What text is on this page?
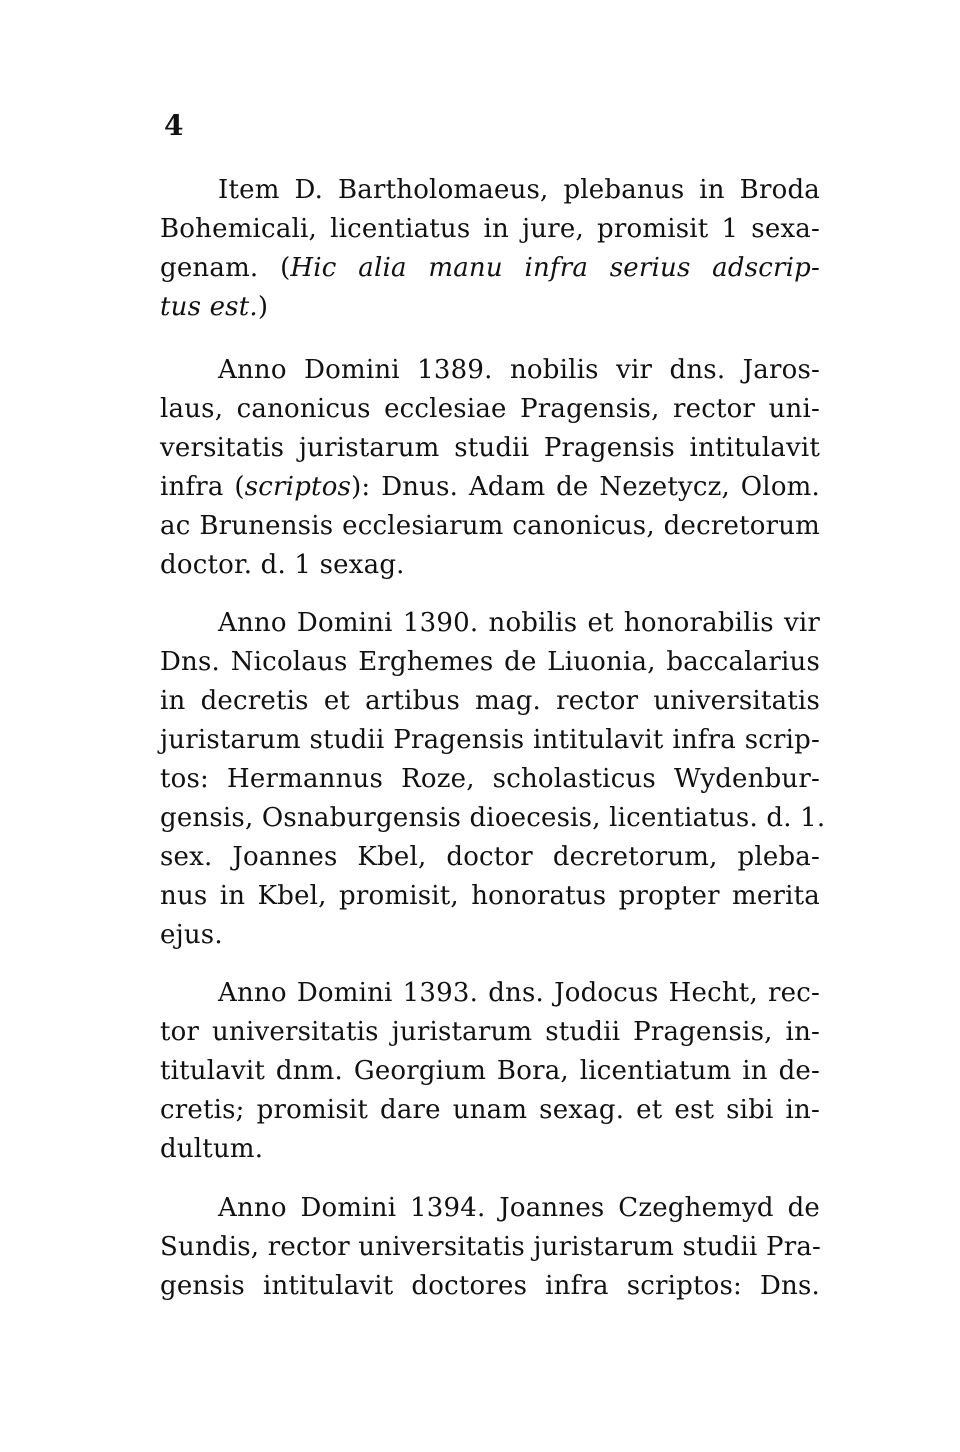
4
Item D. Bartholomaeus, plebanus in Broda
Bohemicali, licentiatus in jure, promisit 1 sexa-
genam. (Hic alia manu infra serius adscrip-
tus est.)
Anno Domini 1389. nobilis vir dns. Jaros-
laus, canonicus ecclesiae Pragensis, rector uni-
versitatis juristarum studii Pragensis intitulavit
infra (scriptos): Dnus. Adam de Nezetycz, Olom.
ac Brunensis ecclesiarum canonicus, decretorum
doctor. d. 1 sexag.
Anno Domini 1390. nobilis et honorabilis vir
Dns. Nicolaus Erghemes de Liuonia, baccalarius
in decretis et artibus mag. rector universitatis
juristarum studii Pragensis intitulavit infra scrip-
tos: Hermannus Roze, scholasticus Wydenbur-
gensis, Osnaburgensis dioecesis, licentiatus. d. 1.
sex. Joannes Kbel, doctor decretorum, pleba-
nus in Kbel, promisit, honoratus propter merita
ejus.
Anno Domini 1393. dns. Jodocus Hecht, rec-
tor universitatis juristarum studii Pragensis, in-
titulavit dnm. Georgium Bora, licentiatum in de-
cretis; promisit dare unam sexag. et est sibi in-
dultum.
Anno Domini 1394. Joannes Czeghemyd de
Sundis, rector universitatis juristarum studii Pra-
gensis intitulavit doctores infra scriptos: Dns.
